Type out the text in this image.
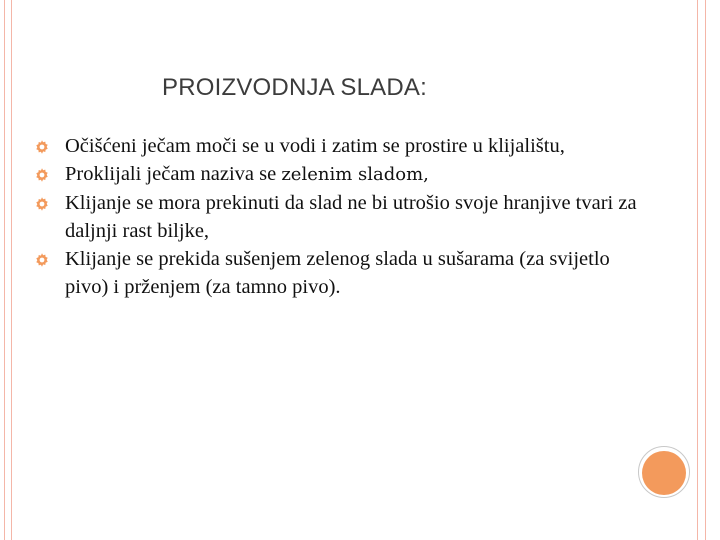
PROIZVODNJA SLADA:
Očišćeni ječam moči se u vodi i zatim se prostire u klijalištu,
Proklijali ječam naziva se zelenim sladom,
Klijanje se mora prekinuti da slad ne bi utrošio svoje hranjive tvari za daljnji rast biljke,
Klijanje se prekida sušenjem zelenog slada u sušarama (za svijetlo pivo) i prženjem (za tamno pivo).
